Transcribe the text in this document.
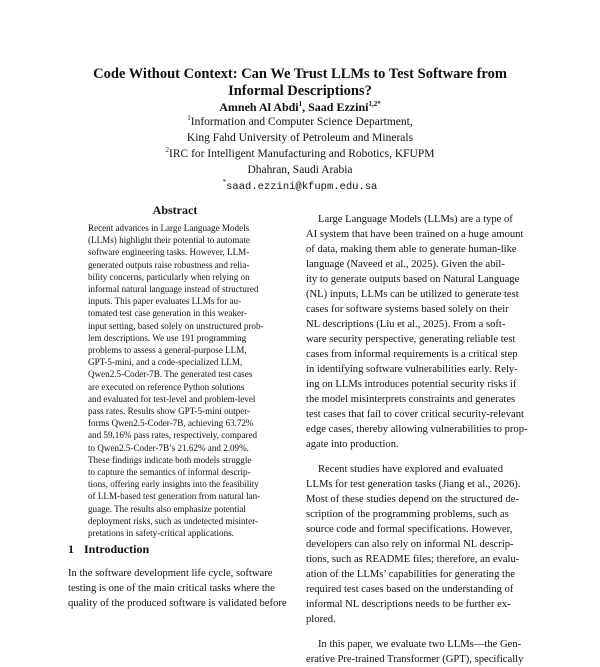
Code Without Context: Can We Trust LLMs to Test Software from
Informal Descriptions?
Amneh Al Abdi$^1$, Saad Ezzini$^{1,2*}$
$^1$Information and Computer Science Department,
King Fahd University of Petroleum and Minerals
$^2$IRC for Intelligent Manufacturing and Robotics, KFUPM
Dhahran, Saudi Arabia
*saad.ezzini@kfupm.edu.sa
Abstract
Recent advances in Large Language Models
(LLMs) highlight their potential to automate
software engineering tasks. However, LLM-
generated outputs raise robustness and relia-
bility concerns, particularly when relying on
informal natural language instead of structured
inputs. This paper evaluates LLMs for au-
tomated test case generation in this weaker-
input setting, based solely on unstructured prob-
lem descriptions. We use 191 programming
problems to assess a general-purpose LLM,
GPT-5-mini, and a code-specialized LLM,
Qwen2.5-Coder-7B. The generated test cases
are executed on reference Python solutions
and evaluated for test-level and problem-level
pass rates. Results show GPT-5-mini outper-
forms Qwen2.5-Coder-7B, achieving 63.72%
and 59.16% pass rates, respectively, compared
to Qwen2.5-Coder-7B’s 21.62% and 2.09%.
These findings indicate both models struggle
to capture the semantics of informal descrip-
tions, offering early insights into the feasibility
of LLM-based test generation from natural lan-
guage. The results also emphasize potential
deployment risks, such as undetected misinter-
pretations in safety-critical applications.
1 Introduction
In the software development life cycle, software
testing is one of the main critical tasks where the
quality of the produced software is validated before
Large Language Models (LLMs) are a type of
AI system that have been trained on a huge amount
of data, making them able to generate human-like
language (Naveed et al., 2025). Given the abil-
ity to generate outputs based on Natural Language
(NL) inputs, LLMs can be utilized to generate test
cases for software systems based solely on their
NL descriptions (Liu et al., 2025). From a soft-
ware security perspective, generating reliable test
cases from informal requirements is a critical step
in identifying software vulnerabilities early. Rely-
ing on LLMs introduces potential security risks if
the model misinterprets constraints and generates
test cases that fail to cover critical security-relevant
edge cases, thereby allowing vulnerabilities to prop-
agate into production.
Recent studies have explored and evaluated
LLMs for test generation tasks (Jiang et al., 2026).
Most of these studies depend on the structured de-
scription of the programming problems, such as
source code and formal specifications. However,
developers can also rely on informal NL descrip-
tions, such as README files; therefore, an evalu-
ation of the LLMs’ capabilities for generating the
required test cases based on the understanding of
informal NL descriptions needs to be further ex-
plored.
In this paper, we evaluate two LLMs—the Gen-
erative Pre-trained Transformer (GPT), specifically
